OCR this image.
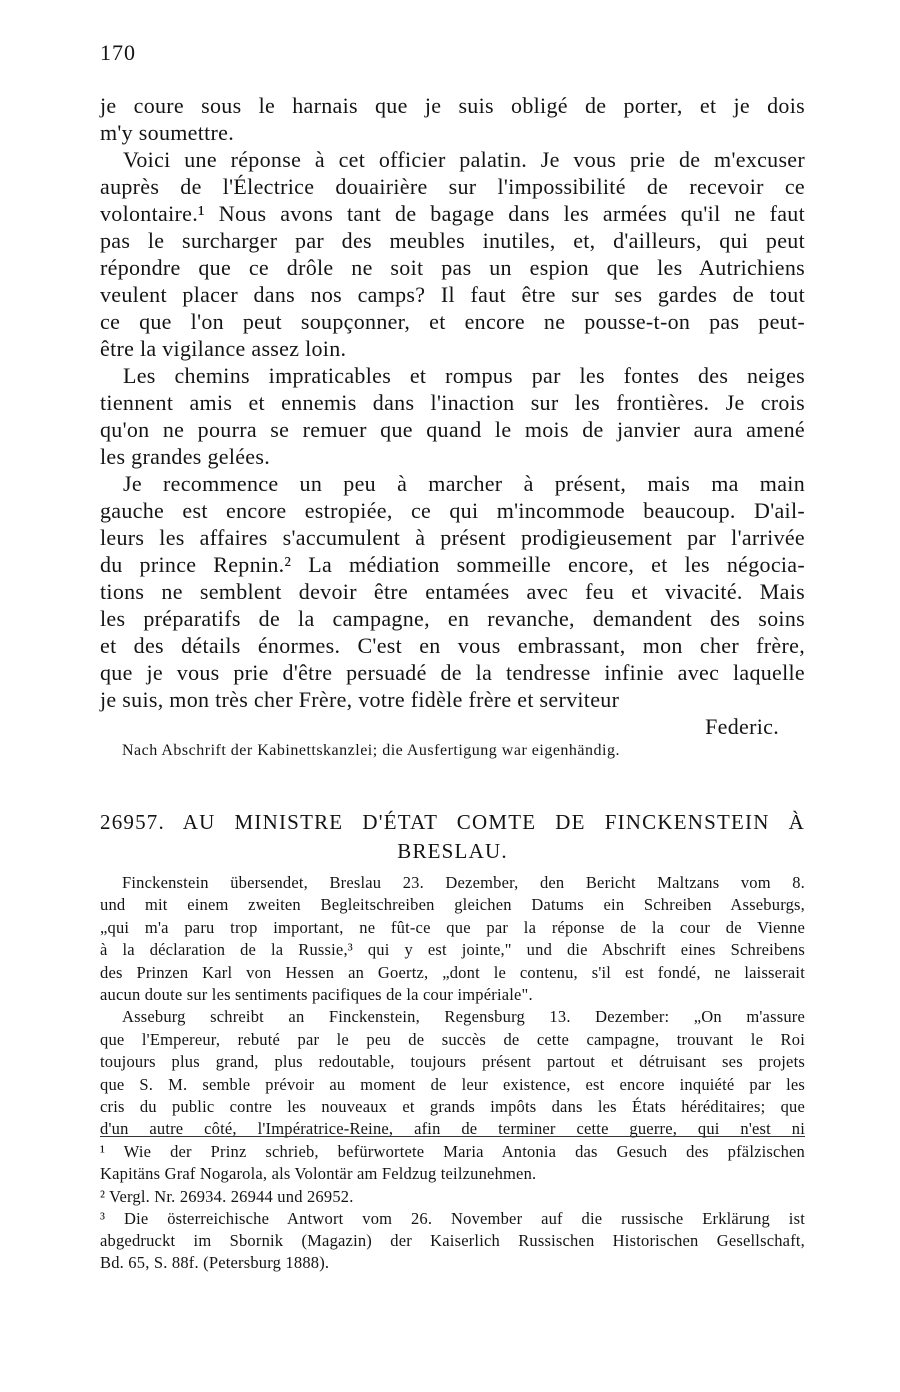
170
je coure sous le harnais que je suis obligé de porter, et je dois
m'y soumettre.
Voici une réponse à cet officier palatin. Je vous prie de m'excuser
auprès de l'Électrice douairière sur l'impossibilité de recevoir ce
volontaire.¹ Nous avons tant de bagage dans les armées qu'il ne faut
pas le surcharger par des meubles inutiles, et, d'ailleurs, qui peut
répondre que ce drôle ne soit pas un espion que les Autrichiens
veulent placer dans nos camps? Il faut être sur ses gardes de tout
ce que l'on peut soupçonner, et encore ne pousse-t-on pas peut-
être la vigilance assez loin.
Les chemins impraticables et rompus par les fontes des neiges
tiennent amis et ennemis dans l'inaction sur les frontières. Je crois
qu'on ne pourra se remuer que quand le mois de janvier aura amené
les grandes gelées.
Je recommence un peu à marcher à présent, mais ma main
gauche est encore estropiée, ce qui m'incommode beaucoup. D'ail-
leurs les affaires s'accumulent à présent prodigieusement par l'arrivée
du prince Repnin.² La médiation sommeille encore, et les négocia-
tions ne semblent devoir être entamées avec feu et vivacité. Mais
les préparatifs de la campagne, en revanche, demandent des soins
et des détails énormes. C'est en vous embrassant, mon cher frère,
que je vous prie d'être persuadé de la tendresse infinie avec laquelle
je suis, mon très cher Frère, votre fidèle frère et serviteur
Federic.
Nach Abschrift der Kabinettskanzlei; die Ausfertigung war eigenhändig.
26957. AU MINISTRE D'ÉTAT COMTE DE FINCKENSTEIN À
BRESLAU.
Finckenstein übersendet, Breslau 23. Dezember, den Bericht Maltzans vom 8.
und mit einem zweiten Begleitschreiben gleichen Datums ein Schreiben Asseburgs,
„qui m'a paru trop important, ne fût-ce que par la réponse de la cour de Vienne
à la déclaration de la Russie,³ qui y est jointe," und die Abschrift eines Schreibens
des Prinzen Karl von Hessen an Goertz, „dont le contenu, s'il est fondé, ne laisserait
aucun doute sur les sentiments pacifiques de la cour impériale".
Asseburg schreibt an Finckenstein, Regensburg 13. Dezember: „On m'assure
que l'Empereur, rebuté par le peu de succès de cette campagne, trouvant le Roi
toujours plus grand, plus redoutable, toujours présent partout et détruisant ses projets
que S. M. semble prévoir au moment de leur existence, est encore inquiété par les
cris du public contre les nouveaux et grands impôts dans les États héréditaires; que
d'un autre côté, l'Impératrice-Reine, afin de terminer cette guerre, qui n'est ni
¹ Wie der Prinz schrieb, befürwortete Maria Antonia das Gesuch des pfälzischen
Kapitäns Graf Nogarola, als Volontär am Feldzug teilzunehmen.
² Vergl. Nr. 26934. 26944 und 26952.
³ Die österreichische Antwort vom 26. November auf die russische Erklärung ist
abgedruckt im Sbornik (Magazin) der Kaiserlich Russischen Historischen Gesellschaft,
Bd. 65, S. 88f. (Petersburg 1888).
